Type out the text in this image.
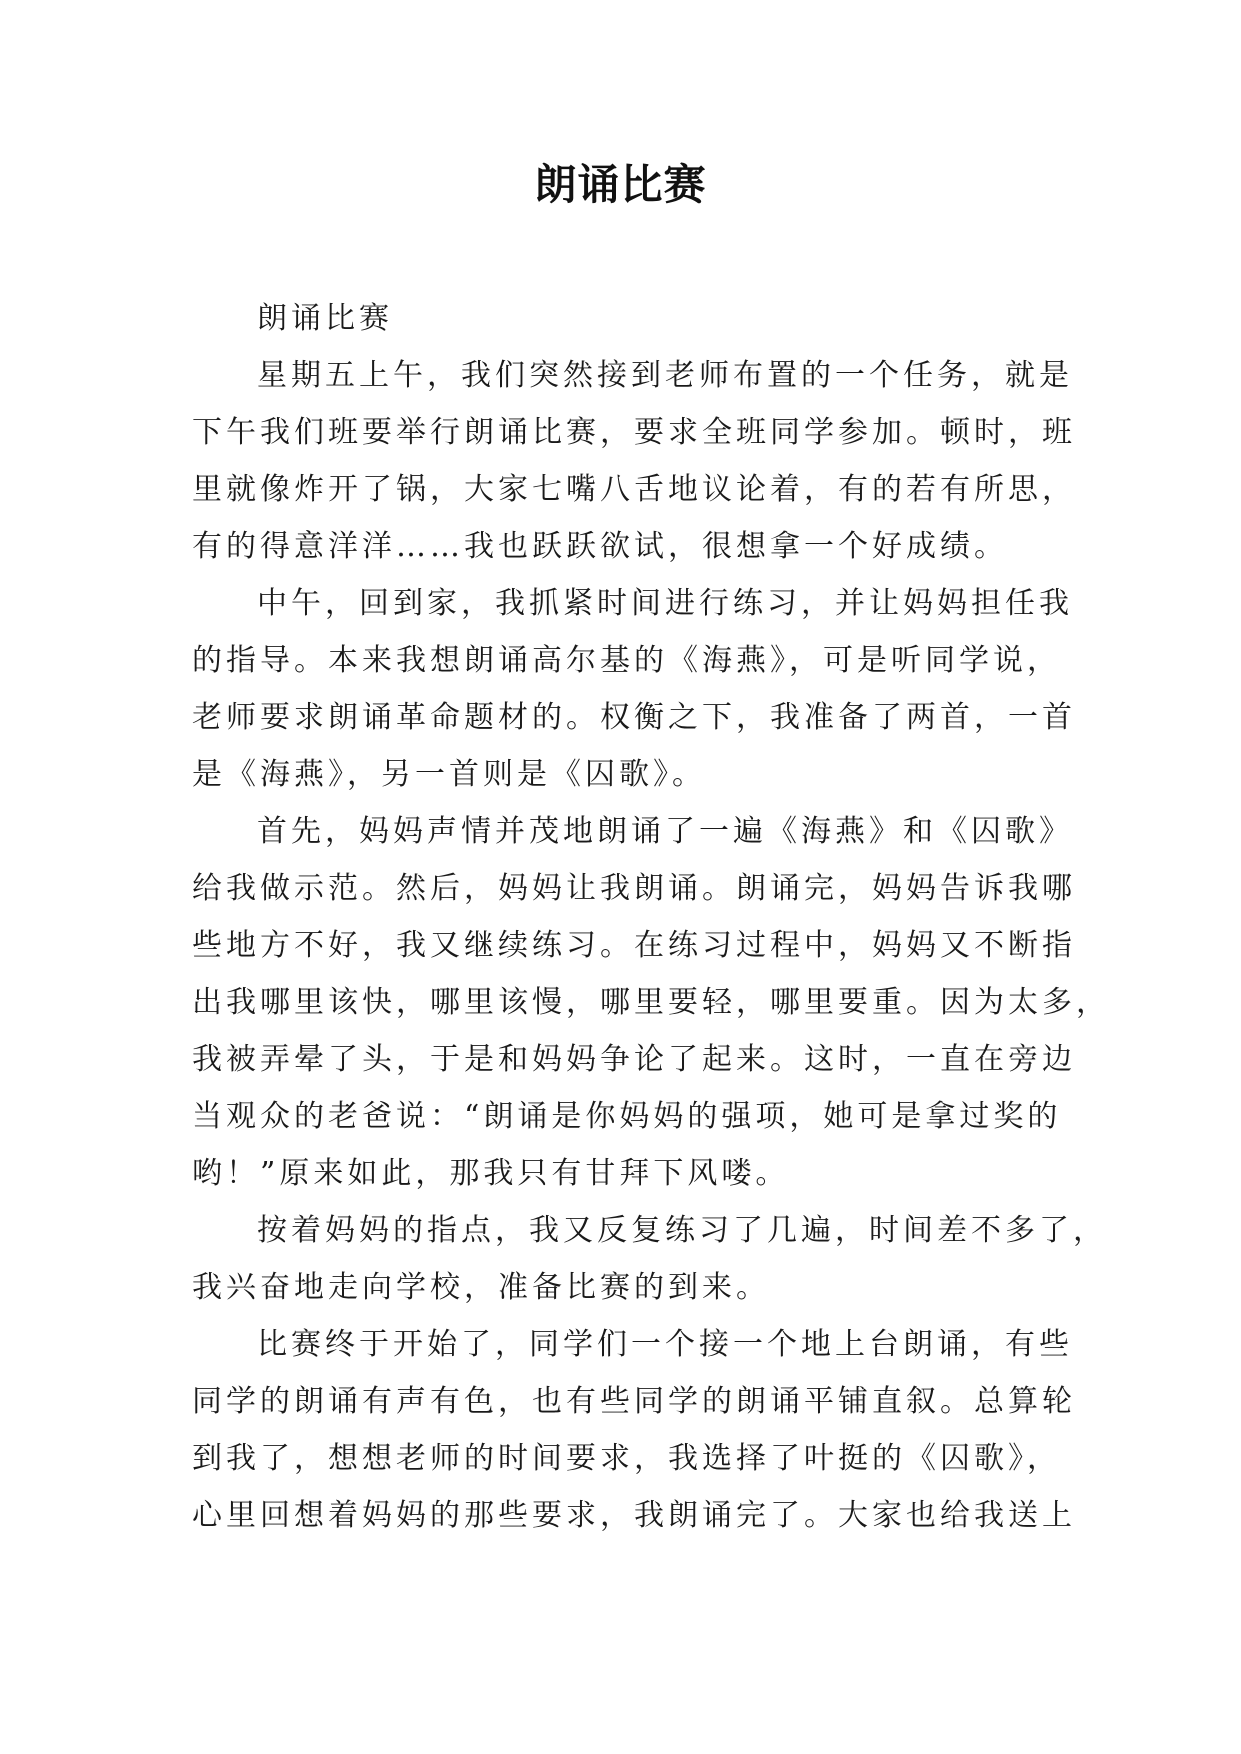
朗诵比赛
朗诵比赛
星期五上午，我们突然接到老师布置的一个任务，就是
下午我们班要举行朗诵比赛，要求全班同学参加。顿时，班
里就像炸开了锅，大家七嘴八舌地议论着，有的若有所思，
有的得意洋洋……我也跃跃欲试，很想拿一个好成绩。
中午，回到家，我抓紧时间进行练习，并让妈妈担任我
的指导。本来我想朗诵高尔基的《海燕》，可是听同学说，
老师要求朗诵革命题材的。权衡之下，我准备了两首，一首
是《海燕》，另一首则是《囚歌》。
首先，妈妈声情并茂地朗诵了一遍《海燕》和《囚歌》
给我做示范。然后，妈妈让我朗诵。朗诵完，妈妈告诉我哪
些地方不好，我又继续练习。在练习过程中，妈妈又不断指
出我哪里该快，哪里该慢，哪里要轻，哪里要重。因为太多，
我被弄晕了头，于是和妈妈争论了起来。这时，一直在旁边
当观众的老爸说：“朗诵是你妈妈的强项，她可是拿过奖的
哟！”原来如此，那我只有甘拜下风喽。
按着妈妈的指点，我又反复练习了几遍，时间差不多了，
我兴奋地走向学校，准备比赛的到来。
比赛终于开始了，同学们一个接一个地上台朗诵，有些
同学的朗诵有声有色，也有些同学的朗诵平铺直叙。总算轮
到我了，想想老师的时间要求，我选择了叶挺的《囚歌》，
心里回想着妈妈的那些要求，我朗诵完了。大家也给我送上
